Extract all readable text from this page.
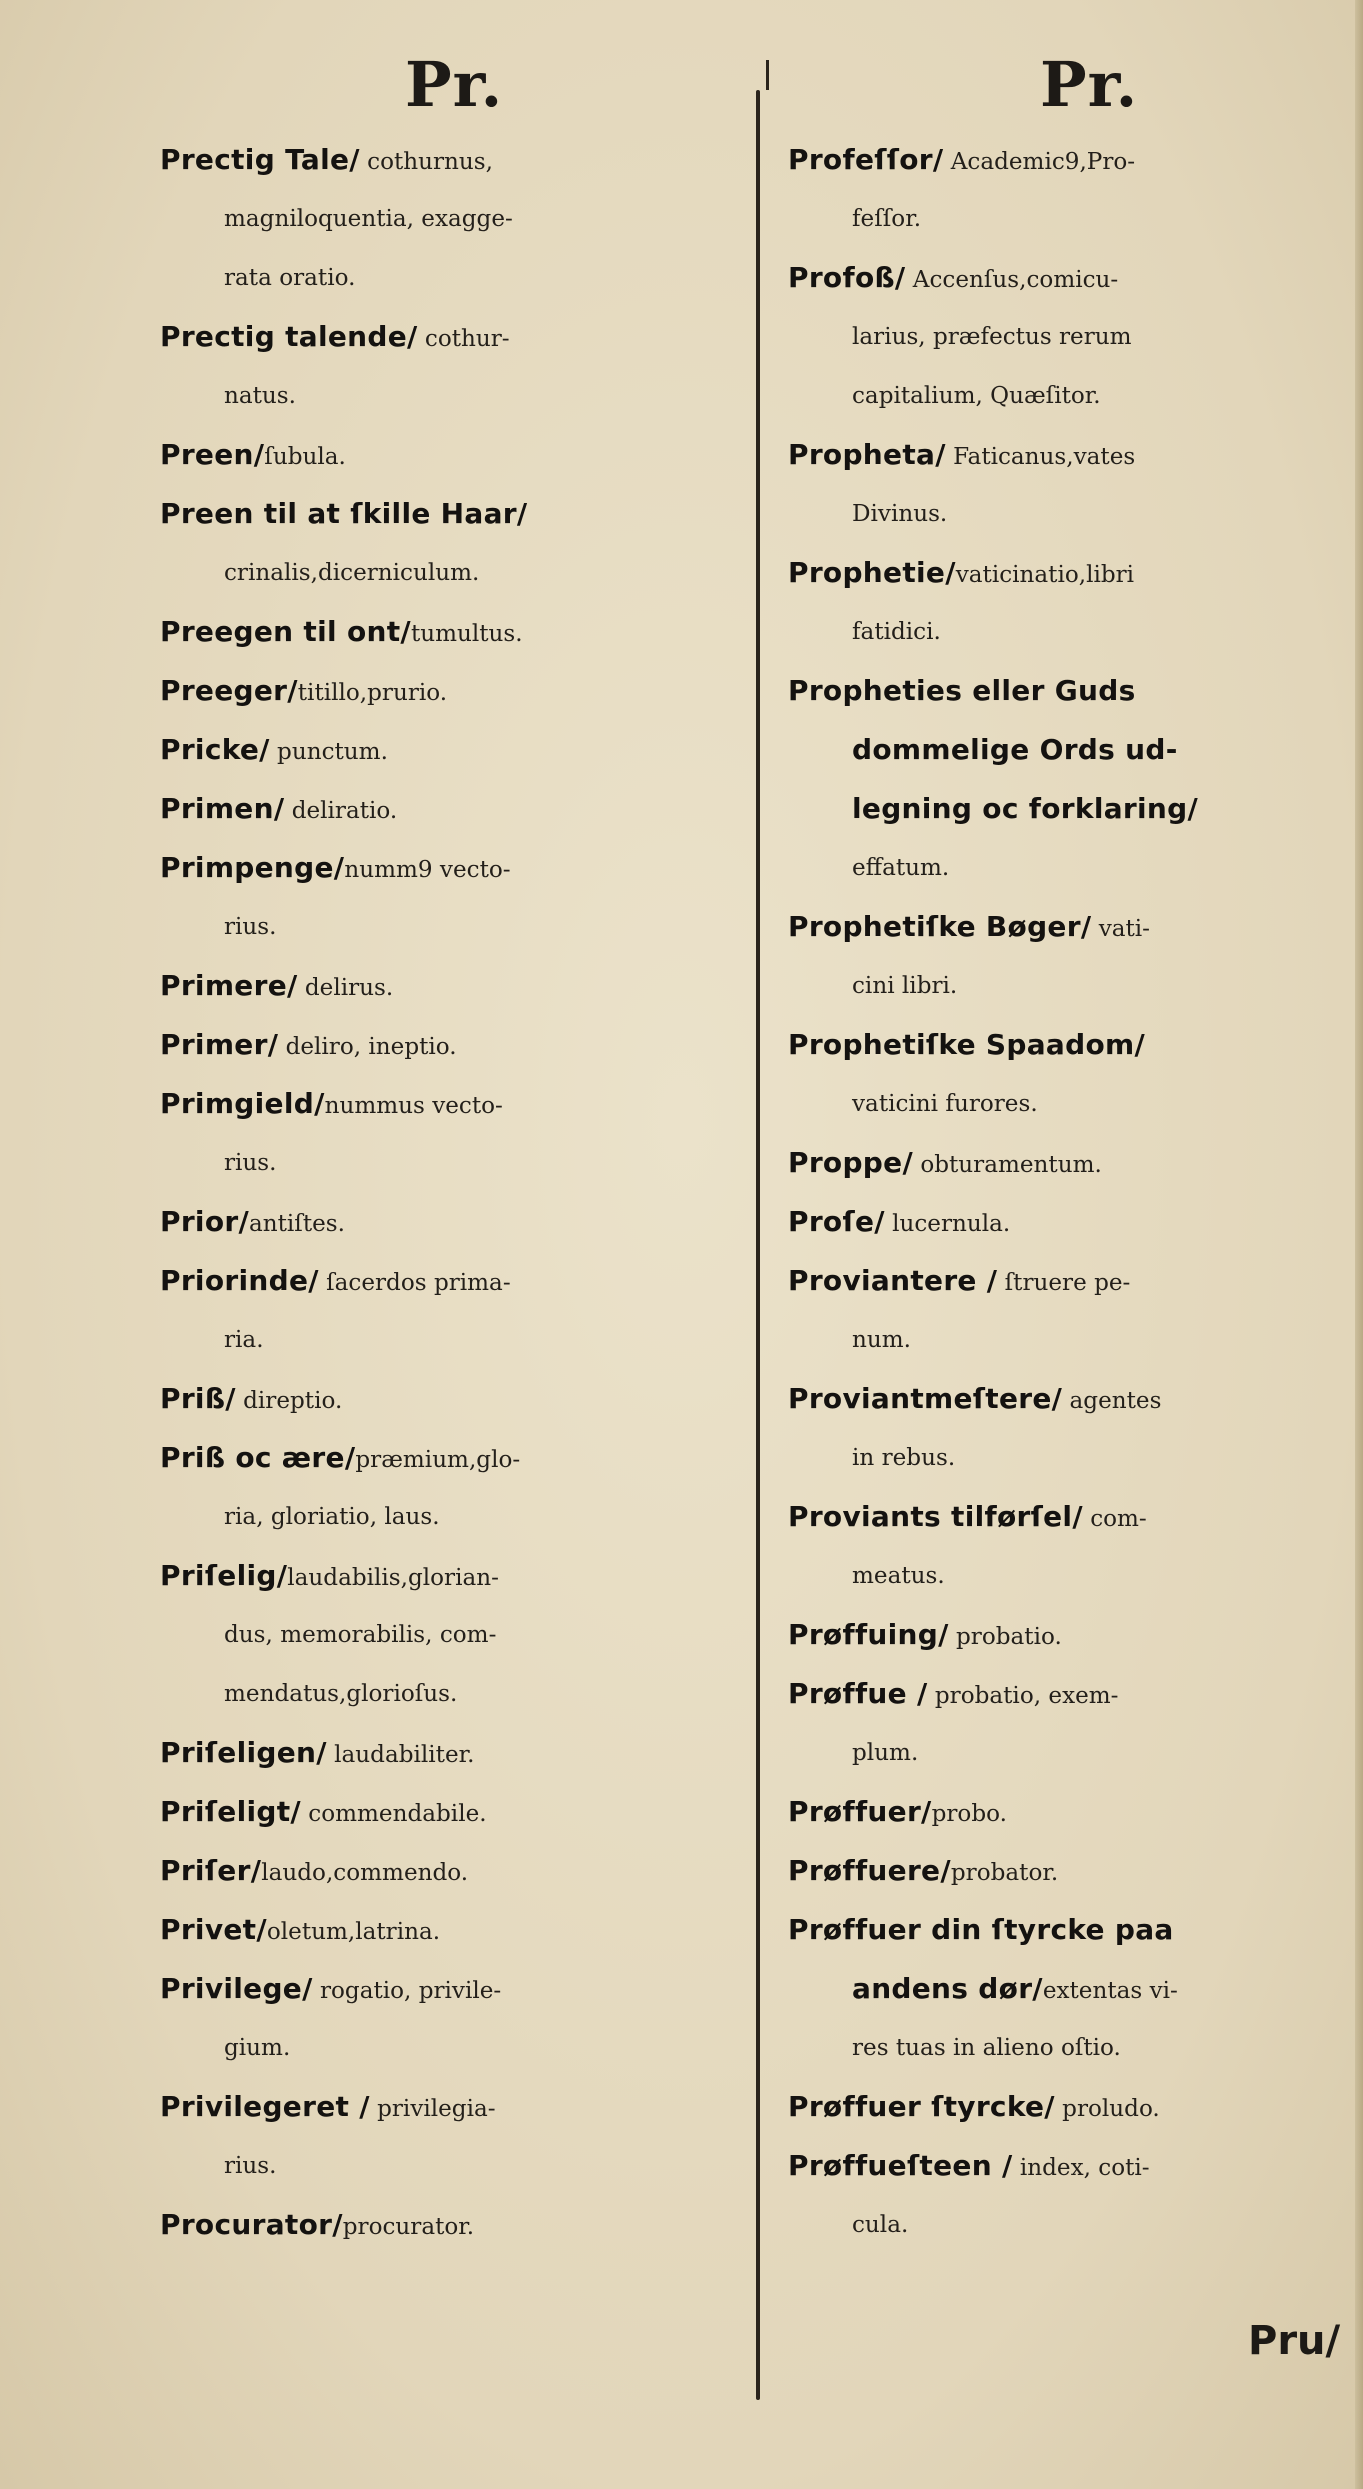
Pr.	Pr.
Prectig Tale/ cothurnus,
magniloquentia, exagge-
rata oratio.
Prectig talende/ cothur-
natus.
Preen/ſubula.
Preen til at ſkille Haar/
crinalis,dicerniculum.
Preegen til ont/tumultus.
Preeger/titillo,prurio.
Pricke/ punctum.
Primen/ deliratio.
Primpenge/numm9 vecto-
rius.
Primere/ delirus.
Primer/ deliro, ineptio.
Primgield/nummus vecto-
rius.
Prior/antiſtes.
Priorinde/ ſacerdos prima-
ria.
Priß/ direptio.
Priß oc ære/præmium,glo-
ria, gloriatio, laus.
Priſelig/laudabilis,glorian-
dus, memorabilis, com-
mendatus,glorioſus.
Priſeligen/ laudabiliter.
Priſeligt/ commendabile.
Priſer/laudo,commendo.
Privet/oletum,latrina.
Privilege/ rogatio, privile-
gium.
Privilegeret / privilegia-
rius.
Procurator/procurator.
Profeſſor/ Academic9,Pro-
feſſor.
Profoß/ Accenſus,comicu-
larius, præfectus rerum
capitalium, Quæſitor.
Propheta/ Faticanus,vates
Divinus.
Prophetie/vaticinatio,libri
fatidici.
Propheties eller Guds
dommelige Ords ud-
legning oc forklaring/
effatum.
Prophetiſke Bøger/ vati-
cini libri.
Prophetiſke Spaadom/
vaticini furores.
Proppe/ obturamentum.
Proſe/ lucernula.
Proviantere / ſtruere pe-
num.
Proviantmeſtere/ agentes
in rebus.
Proviants tilførſel/ com-
meatus.
Prøffuing/ probatio.
Prøffue / probatio, exem-
plum.
Prøffuer/probo.
Prøffuere/probator.
Prøffuer din ſtyrcke paa
andens dør/extentas vi-
res tuas in alieno oſtio.
Prøffuer ſtyrcke/ proludo.
Prøffueſteen / index, coti-
cula.
Pru/
